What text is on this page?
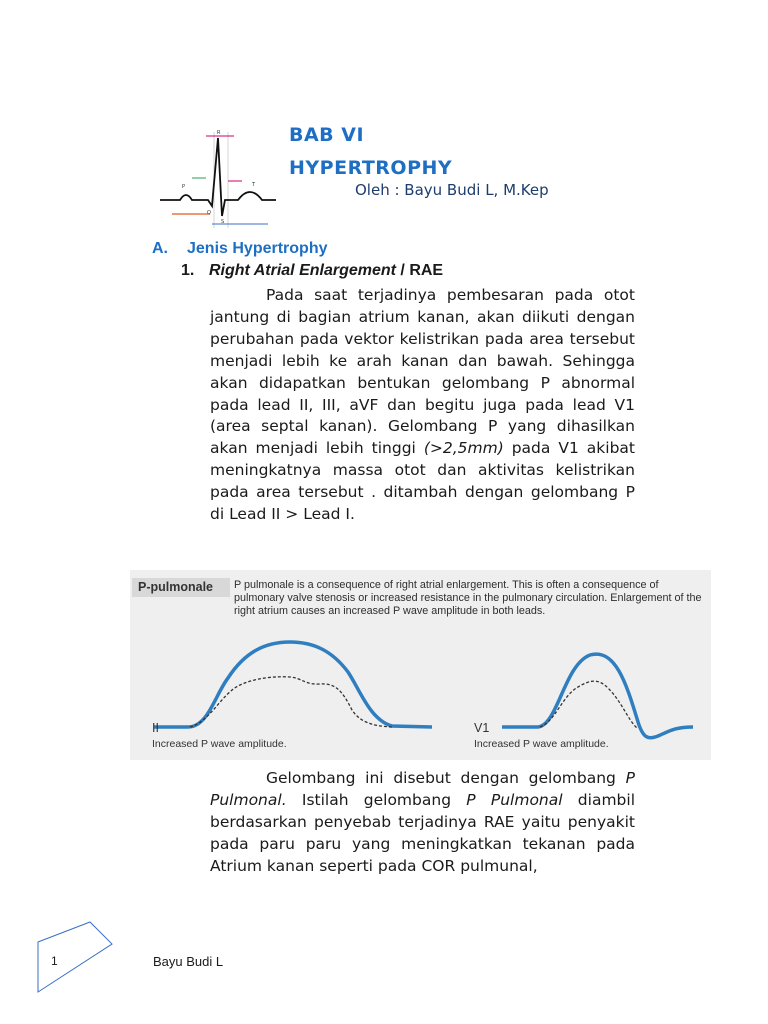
P
R
Q
S
T
BAB VI
HYPERTROPHY
Oleh : Bayu Budi L, M.Kep
A. Jenis Hypertrophy
1. Right Atrial Enlargement / RAE
Pada saat terjadinya pembesaran pada otot jantung di bagian atrium kanan, akan diikuti dengan perubahan pada vektor kelistrikan pada area tersebut menjadi lebih ke arah kanan dan bawah. Sehingga akan didapatkan bentukan gelombang P abnormal pada lead II, III, aVF dan begitu juga pada lead V1 (area septal kanan). Gelombang P yang dihasilkan akan menjadi lebih tinggi (>2,5mm) pada V1 akibat meningkatnya massa otot dan aktivitas kelistrikan pada area tersebut . ditambah dengan gelombang P di Lead II > Lead I.
P-pulmonale	P pulmonale is a consequence of right atrial enlargement. This is often a consequence of pulmonary valve stenosis or increased resistance in the pulmonary circulation. Enlargement of the right atrium causes an increased P wave amplitude in both leads.
II	V1
Increased P wave amplitude.	Increased P wave amplitude.
Gelombang ini disebut dengan gelombang P Pulmonal. Istilah gelombang P Pulmonal diambil berdasarkan penyebab terjadinya RAE yaitu penyakit pada paru paru yang meningkatkan tekanan pada Atrium kanan seperti pada COR pulmunal,
1	Bayu Budi L
